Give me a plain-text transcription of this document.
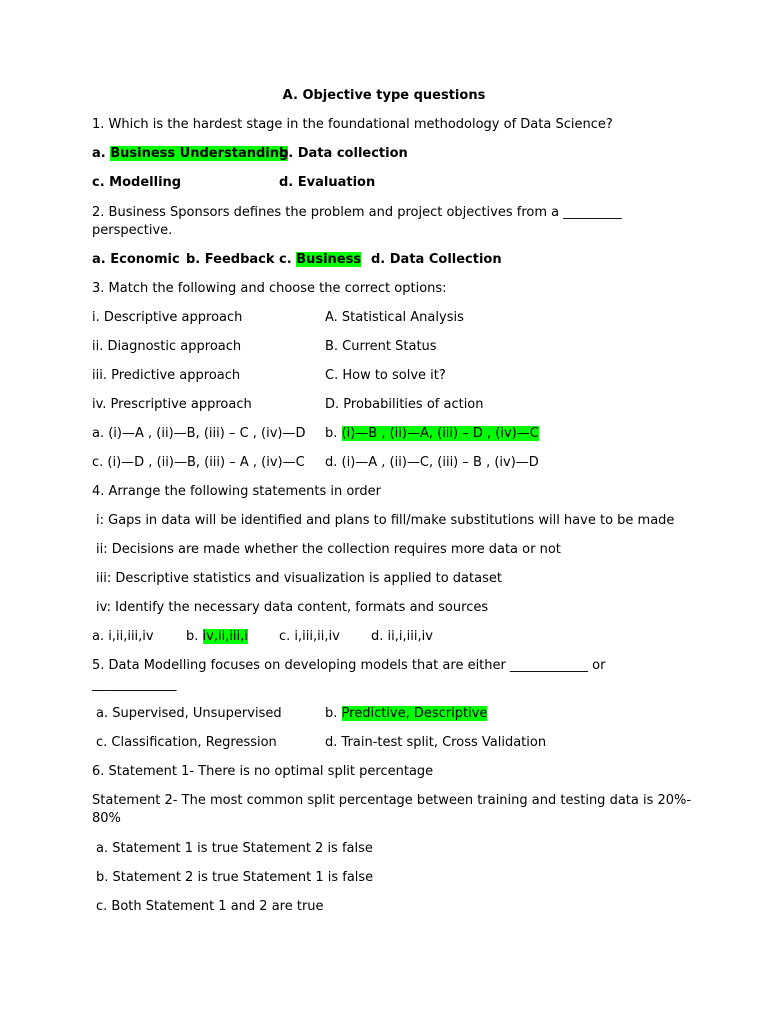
A. Objective type questions
1. Which is the hardest stage in the foundational methodology of Data Science?
a. Business Understanding
b. Data collection
c. Modelling	d. Evaluation
2. Business Sponsors defines the problem and project objectives from a _________
perspective.
a. Economic b. Feedback c. Business d. Data Collection
3. Match the following and choose the correct options:
i. Descriptive approach	A. Statistical Analysis
ii. Diagnostic approach	B. Current Status
iii. Predictive approach	C. How to solve it?
iv. Prescriptive approach	D. Probabilities of action
a. (i)—A , (ii)—B, (iii) – C , (iv)—D b. (i)—B , (ii)—A, (iii) – D , (iv)—C
c. (i)—D , (ii)—B, (iii) – A , (iv)—C d. (i)—A , (ii)—C, (iii) – B , (iv)—D
4. Arrange the following statements in order
i: Gaps in data will be identified and plans to fill/make substitutions will have to be made
ii: Decisions are made whether the collection requires more data or not
iii: Descriptive statistics and visualization is applied to dataset
iv: Identify the necessary data content, formats and sources
a. i,ii,iii,iv b. iv,ii,iii,i c. i,iii,ii,iv d. ii,i,iii,iv
5. Data Modelling focuses on developing models that are either ____________ or
_____________
a. Supervised, Unsupervised	b. Predictive, Descriptive
c. Classification, Regression	d. Train-test split, Cross Validation
6. Statement 1- There is no optimal split percentage
Statement 2- The most common split percentage between training and testing data is 20%-
80%
a. Statement 1 is true Statement 2 is false
b. Statement 2 is true Statement 1 is false
c. Both Statement 1 and 2 are true
